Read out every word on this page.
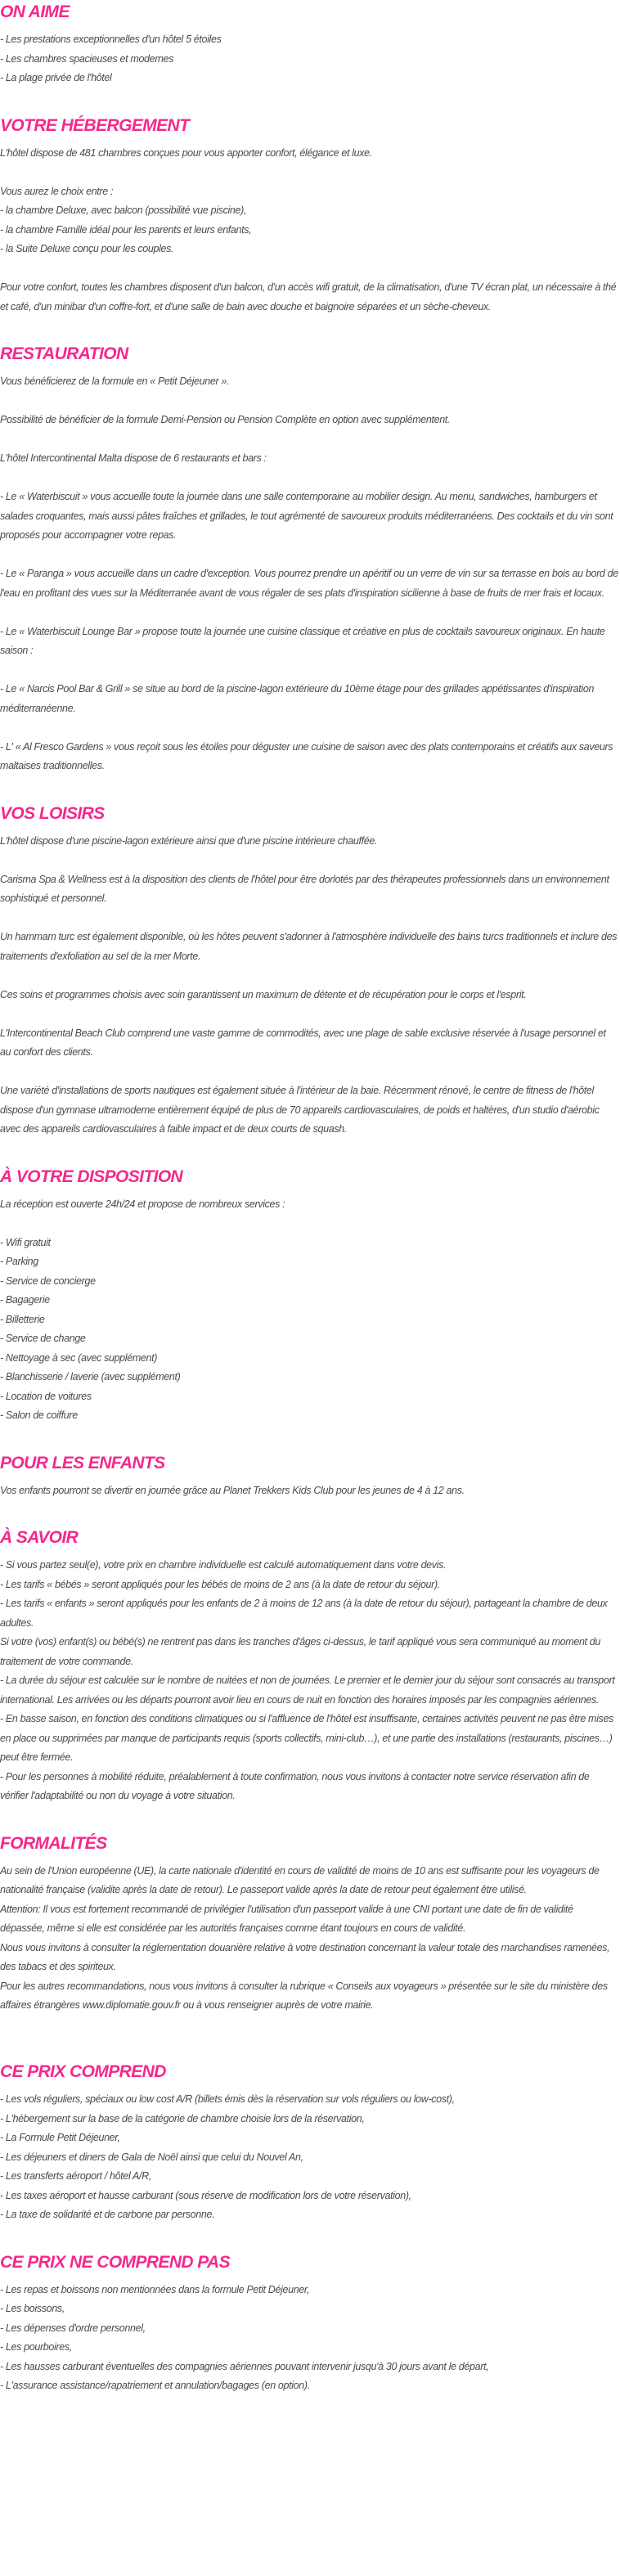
ON AIME

- Les prestations exceptionnelles d'un hôtel 5 étoiles

- Les chambres spacieuses et modernes

- La plage privée de l'hôtel

VOTRE HÉBERGEMENT

L'hôtel dispose de 481 chambres conçues pour vous apporter confort, élégance et luxe.

Vous aurez le choix entre :

- la chambre Deluxe, avec balcon (possibilité vue piscine),

- la chambre Famille idéal pour les parents et leurs enfants,

- la Suite Deluxe conçu pour les couples.

Pour votre confort, toutes les chambres disposent d'un balcon, d'un accès wifi gratuit, de la climatisation, d'une TV écran plat, un nécessaire à thé et café, d'un minibar d'un coffre-fort, et d'une salle de bain avec douche et baignoire séparées et un sèche-cheveux.

RESTAURATION

Vous bénéficierez de la formule en « Petit Déjeuner ».

Possibilité de bénéficier de la formule Demi-Pension ou Pension Complète en option avec supplémentent.

L'hôtel Intercontinental Malta dispose de 6 restaurants et bars :

- Le « Waterbiscuit » vous accueille toute la journée dans une salle contemporaine au mobilier design. Au menu, sandwiches, hamburgers et salades croquantes, mais aussi pâtes fraîches et grillades, le tout agrémenté de savoureux produits méditerranéens. Des cocktails et du vin sont proposés pour accompagner votre repas.

- Le « Paranga » vous accueille dans un cadre d'exception. Vous pourrez prendre un apéritif ou un verre de vin sur sa terrasse en bois au bord de l'eau en profitant des vues sur la Méditerranée avant de vous régaler de ses plats d'inspiration sicilienne à base de fruits de mer frais et locaux.

- Le « Waterbiscuit Lounge Bar » propose toute la journée une cuisine classique et créative en plus de cocktails savoureux originaux. En haute saison :

- Le « Narcis Pool Bar & Grill » se situe au bord de la piscine-lagon extérieure du 10ème étage pour des grillades appétissantes d'inspiration méditerranéenne.

- L' « Al Fresco Gardens » vous reçoit sous les étoiles pour déguster une cuisine de saison avec des plats contemporains et créatifs aux saveurs maltaises traditionnelles.

VOS LOISIRS

L'hôtel dispose d'une piscine-lagon extérieure ainsi que d'une piscine intérieure chauffée.

Carisma Spa & Wellness est à la disposition des clients de l'hôtel pour être dorlotés par des thérapeutes professionnels dans un environnement sophistiqué et personnel.

Un hammam turc est également disponible, où les hôtes peuvent s'adonner à l'atmosphère individuelle des bains turcs traditionnels et inclure des traitements d'exfoliation au sel de la mer Morte.

Ces soins et programmes choisis avec soin garantissent un maximum de détente et de récupération pour le corps et l'esprit.

L'Intercontinental Beach Club comprend une vaste gamme de commodités, avec une plage de sable exclusive réservée à l'usage personnel et au confort des clients.

Une variété d'installations de sports nautiques est également située à l'intérieur de la baie. Récemment rénové, le centre de fitness de l'hôtel dispose d'un gymnase ultramoderne entièrement équipé de plus de 70 appareils cardiovasculaires, de poids et haltères, d'un studio d'aérobic avec des appareils cardiovasculaires à faible impact et de deux courts de squash.

À VOTRE DISPOSITION

La réception est ouverte 24h/24 et propose de nombreux services :

- Wifi gratuit

- Parking

- Service de concierge

- Bagagerie

- Billetterie

- Service de change

- Nettoyage à sec (avec supplément)

- Blanchisserie / laverie (avec supplément)

- Location de voitures

- Salon de coiffure

POUR LES ENFANTS

Vos enfants pourront se divertir en journée grâce au Planet Trekkers Kids Club pour les jeunes de 4 à 12 ans.

À SAVOIR

- Si vous partez seul(e), votre prix en chambre individuelle est calculé automatiquement dans votre devis.

- Les tarifs « bébés » seront appliqués pour les bébés de moins de 2 ans (à la date de retour du séjour).

- Les tarifs « enfants » seront appliqués pour les enfants de 2 à moins de 12 ans (à la date de retour du séjour), partageant la chambre de deux adultes.

Si votre (vos) enfant(s) ou bébé(s) ne rentrent pas dans les tranches d'âges ci-dessus, le tarif appliqué vous sera communiqué au moment du traitement de votre commande.

- La durée du séjour est calculée sur le nombre de nuitées et non de journées. Le premier et le dernier jour du séjour sont consacrés au transport international. Les arrivées ou les départs pourront avoir lieu en cours de nuit en fonction des horaires imposés par les compagnies aériennes.

- En basse saison, en fonction des conditions climatiques ou si l'affluence de l'hôtel est insuffisante, certaines activités peuvent ne pas être mises en place ou supprimées par manque de participants requis (sports collectifs, mini-club…), et une partie des installations (restaurants, piscines…) peut être fermée.

- Pour les personnes à mobilité réduite, préalablement à toute confirmation, nous vous invitons à contacter notre service réservation afin de vérifier l'adaptabilité ou non du voyage à votre situation.

FORMALITÉS

Au sein de l'Union européenne (UE), la carte nationale d'identité en cours de validité de moins de 10 ans est suffisante pour les voyageurs de nationalité française (validite après la date de retour). Le passeport valide après la date de retour peut également être utilisé.

Attention: Il vous est fortement recommandé de privilégier l'utilisation d'un passeport valide à une CNI portant une date de fin de validité dépassée, même si elle est considérée par les autorités françaises comme étant toujours en cours de validité.

Nous vous invitons à consulter la réglementation douanière relative à votre destination concernant la valeur totale des marchandises ramenées, des tabacs et des spiriteux.

Pour les autres recommandations, nous vous invitons à consulter la rubrique « Conseils aux voyageurs » présentée sur le site du ministère des affaires étrangères www.diplomatie.gouv.fr ou à vous renseigner auprès de votre mairie.

CE PRIX COMPREND

- Les vols réguliers, spéciaux ou low cost A/R (billets émis dès la réservation sur vols réguliers ou low-cost),

- L'hébergement sur la base de la catégorie de chambre choisie lors de la réservation,

- La Formule Petit Déjeuner,

- Les déjeuners et diners de Gala de Noël ainsi que celui du Nouvel An,

- Les transferts aéroport / hôtel A/R,

- Les taxes aéroport et hausse carburant (sous réserve de modification lors de votre réservation),

- La taxe de solidarité et de carbone par personne.

CE PRIX NE COMPREND PAS

- Les repas et boissons non mentionnées dans la formule Petit Déjeuner,

- Les boissons,

- Les dépenses d'ordre personnel,

- Les pourboires,

- Les hausses carburant éventuelles des compagnies aériennes pouvant intervenir jusqu'à 30 jours avant le départ,

- L'assurance assistance/rapatriement et annulation/bagages (en option).
